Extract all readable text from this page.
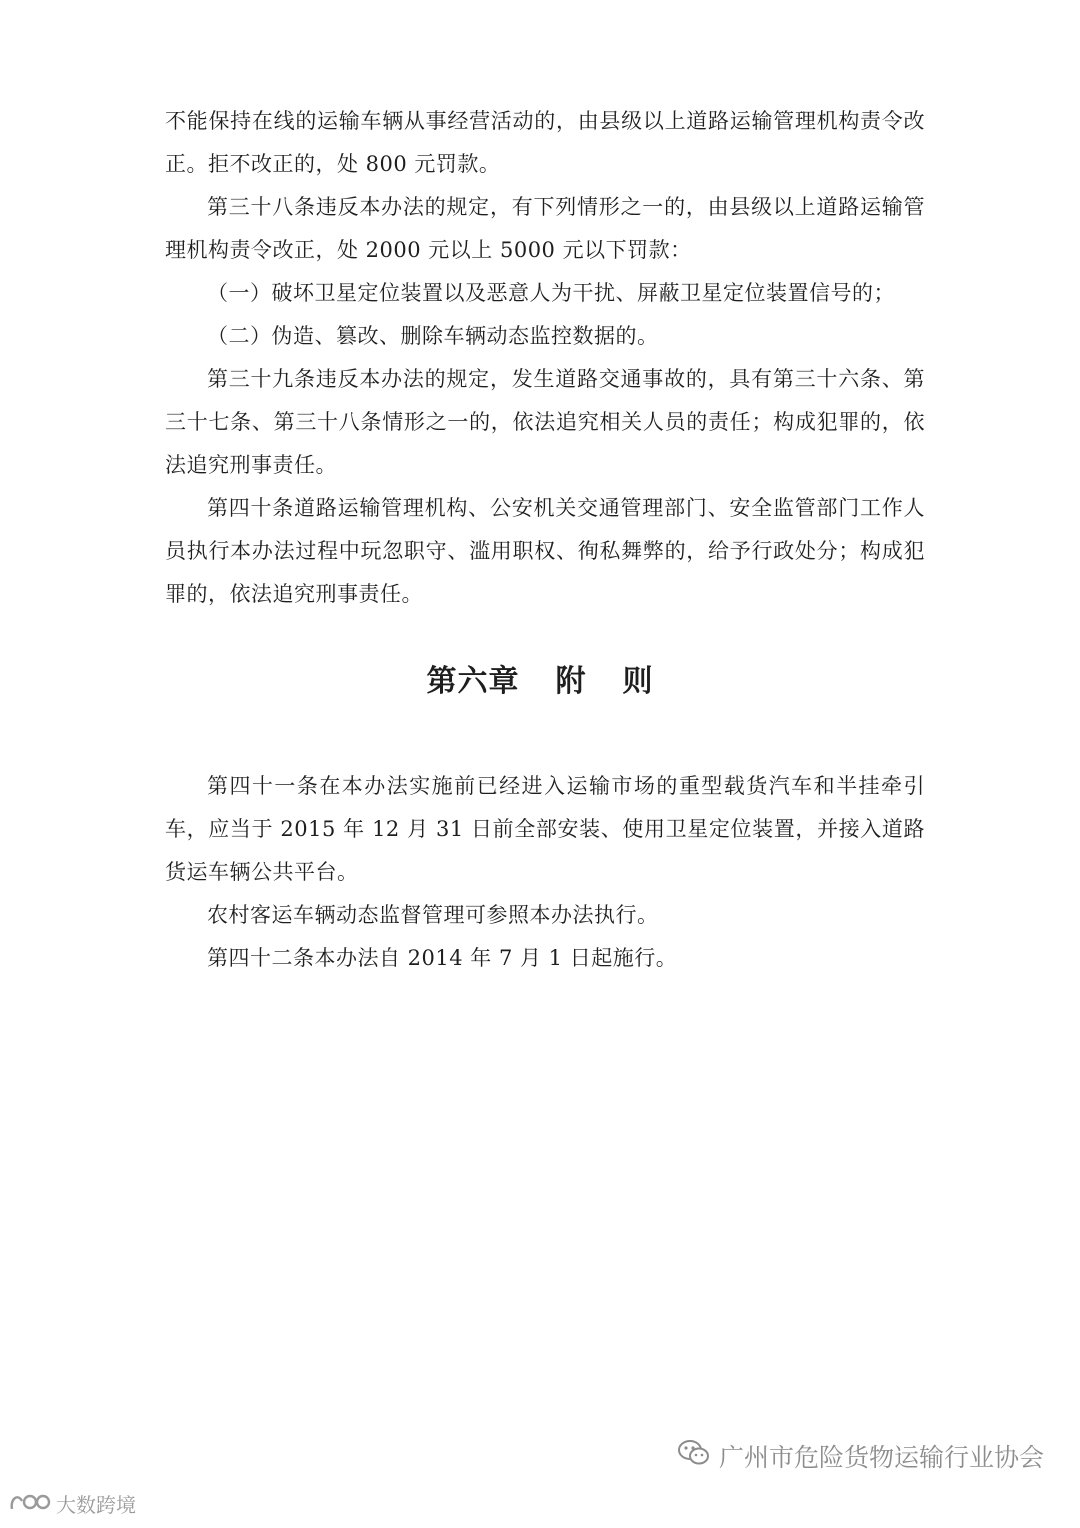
不能保持在线的运输车辆从事经营活动的，由县级以上道路运输管理机构责令改正。拒不改正的，处 800 元罚款。

第三十八条违反本办法的规定，有下列情形之一的，由县级以上道路运输管理机构责令改正，处 2000 元以上 5000 元以下罚款：

（一）破坏卫星定位装置以及恶意人为干扰、屏蔽卫星定位装置信号的；

（二）伪造、篡改、删除车辆动态监控数据的。

第三十九条违反本办法的规定，发生道路交通事故的，具有第三十六条、第三十七条、第三十八条情形之一的，依法追究相关人员的责任；构成犯罪的，依法追究刑事责任。

第四十条道路运输管理机构、公安机关交通管理部门、安全监管部门工作人员执行本办法过程中玩忽职守、滥用职权、徇私舞弊的，给予行政处分；构成犯罪的，依法追究刑事责任。

第六章 附 则

第四十一条在本办法实施前已经进入运输市场的重型载货汽车和半挂牵引车，应当于 2015 年 12 月 31 日前全部安装、使用卫星定位装置，并接入道路货运车辆公共平台。

农村客运车辆动态监督管理可参照本办法执行。

第四十二条本办法自 2014 年 7 月 1 日起施行。

广州市危险货物运输行业协会
大数跨境
